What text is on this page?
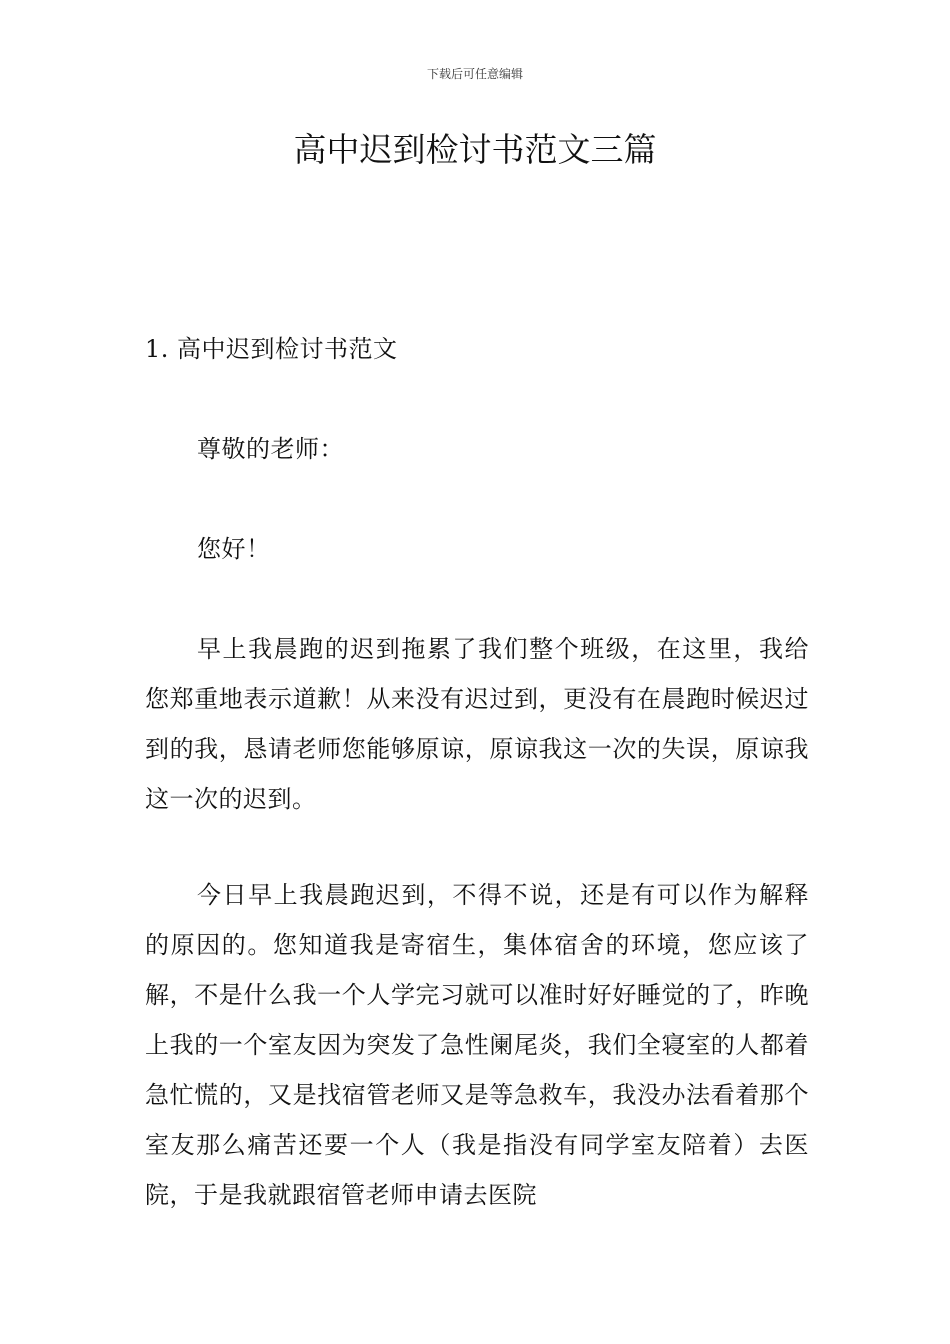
下载后可任意编辑
高中迟到检讨书范文三篇

1. 高中迟到检讨书范文

尊敬的老师：

您好！

早上我晨跑的迟到拖累了我们整个班级，在这里，我给您郑重地表示道歉！从来没有迟过到，更没有在晨跑时候迟过到的我，恳请老师您能够原谅，原谅我这一次的失误，原谅我这一次的迟到。

今日早上我晨跑迟到，不得不说，还是有可以作为解释的原因的。您知道我是寄宿生，集体宿舍的环境，您应该了解，不是什么我一个人学完习就可以准时好好睡觉的了，昨晚上我的一个室友因为突发了急性阑尾炎，我们全寝室的人都着急忙慌的，又是找宿管老师又是等急救车，我没办法看着那个室友那么痛苦还要一个人（我是指没有同学室友陪着）去医院，于是我就跟宿管老师申请去医院
